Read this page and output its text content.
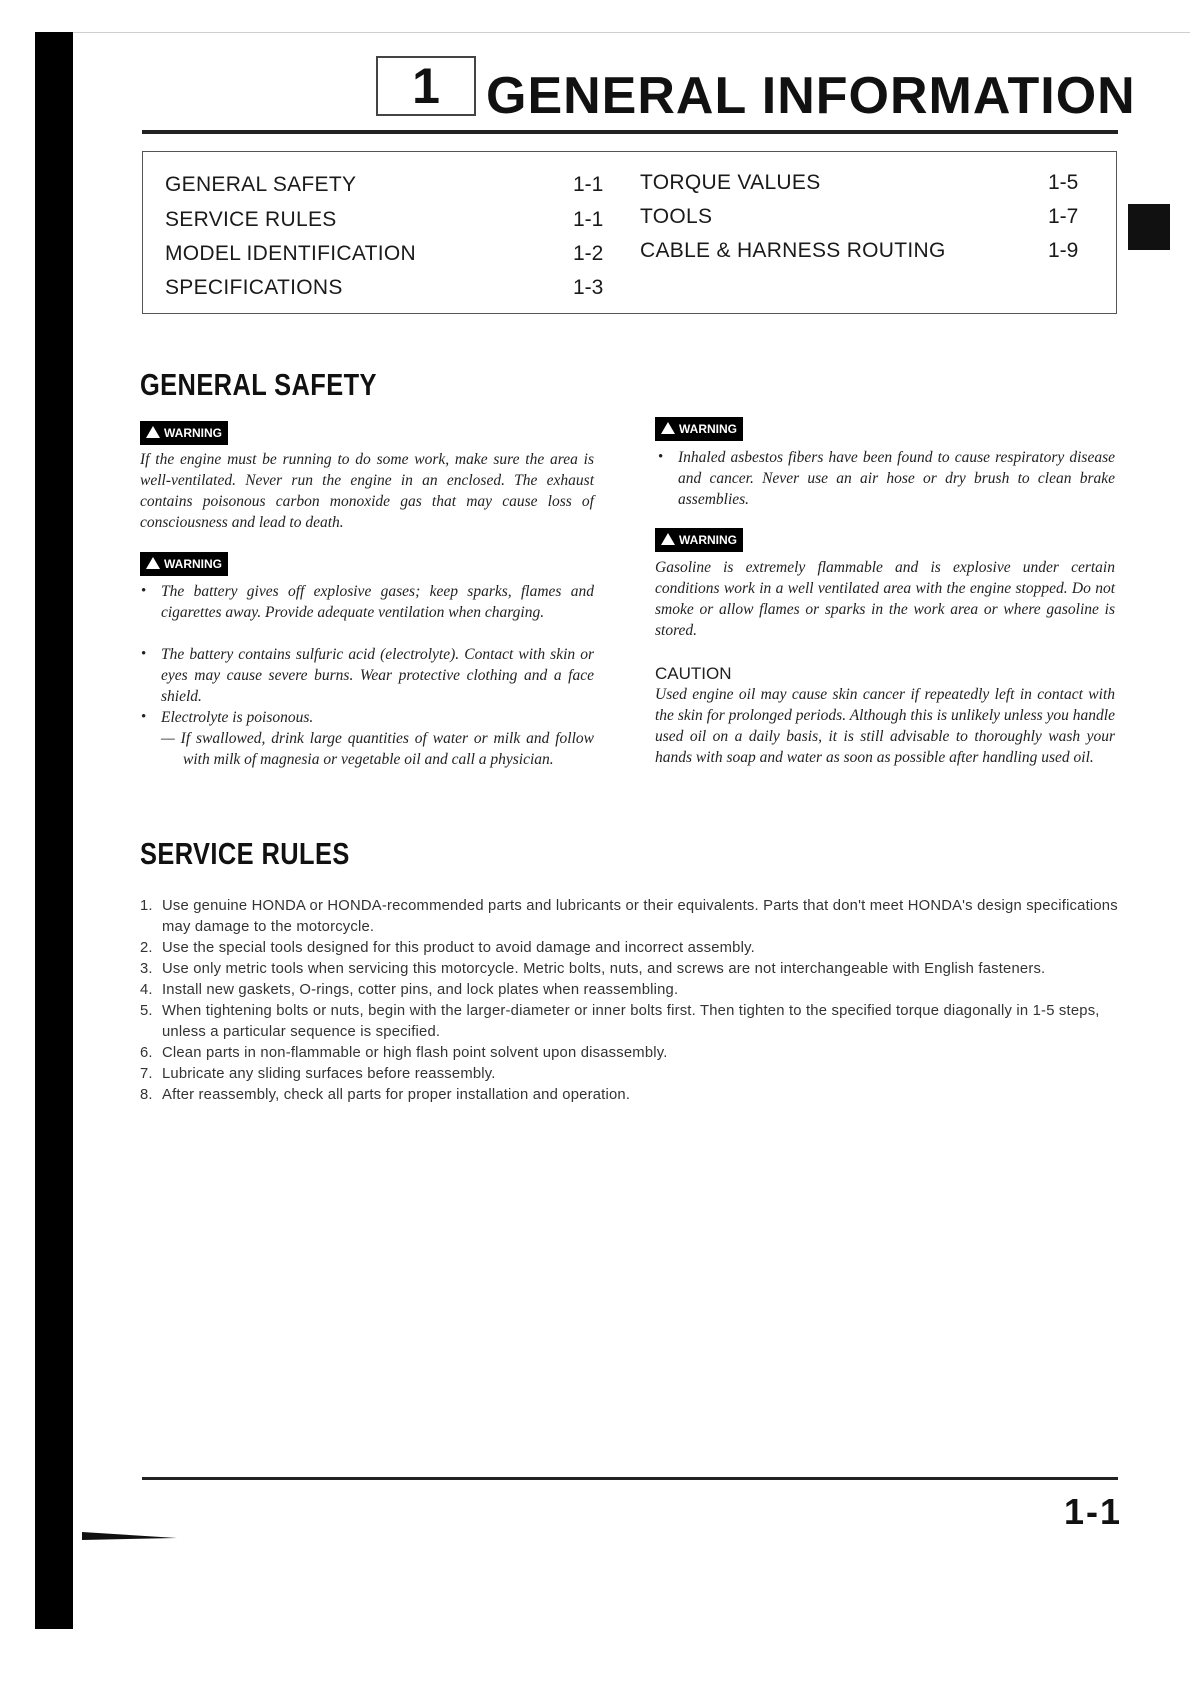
1 GENERAL INFORMATION
GENERAL SAFETY	1-1
SERVICE RULES	1-1
MODEL IDENTIFICATION	1-2
SPECIFICATIONS	1-3
TORQUE VALUES	1-5
TOOLS	1-7
CABLE & HARNESS ROUTING	1-9
GENERAL SAFETY
WARNING
If the engine must be running to do some work, make sure the area is well-ventilated. Never run the engine in an enclosed. The exhaust contains poisonous carbon monoxide gas that may cause loss of consciousness and lead to death.
WARNING
• The battery gives off explosive gases; keep sparks, flames and cigarettes away. Provide adequate ventilation when charging.
• The battery contains sulfuric acid (electrolyte). Contact with skin or eyes may cause severe burns. Wear protective clothing and a face shield.
• Electrolyte is poisonous.
— If swallowed, drink large quantities of water or milk and follow with milk of magnesia or vegetable oil and call a physician.
WARNING
• Inhaled asbestos fibers have been found to cause respiratory disease and cancer. Never use an air hose or dry brush to clean brake assemblies.
WARNING
Gasoline is extremely flammable and is explosive under certain conditions work in a well ventilated area with the engine stopped. Do not smoke or allow flames or sparks in the work area or where gasoline is stored.
CAUTION
Used engine oil may cause skin cancer if repeatedly left in contact with the skin for prolonged periods. Although this is unlikely unless you handle used oil on a daily basis, it is still advisable to thoroughly wash your hands with soap and water as soon as possible after handling used oil.
SERVICE RULES
1. Use genuine HONDA or HONDA-recommended parts and lubricants or their equivalents. Parts that don't meet HONDA's design specifications may damage to the motorcycle.
2. Use the special tools designed for this product to avoid damage and incorrect assembly.
3. Use only metric tools when servicing this motorcycle. Metric bolts, nuts, and screws are not interchangeable with English fasteners.
4. Install new gaskets, O-rings, cotter pins, and lock plates when reassembling.
5. When tightening bolts or nuts, begin with the larger-diameter or inner bolts first. Then tighten to the specified torque diagonally in 1-5 steps, unless a particular sequence is specified.
6. Clean parts in non-flammable or high flash point solvent upon disassembly.
7. Lubricate any sliding surfaces before reassembly.
8. After reassembly, check all parts for proper installation and operation.
1-1
